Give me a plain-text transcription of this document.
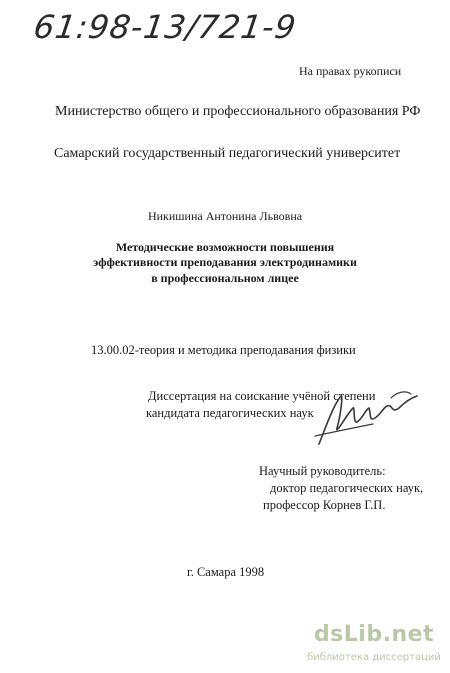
61:98-13/721-9
На правах рукописи
Министерство общего и профессионального образования РФ
Самарский государственный педагогический университет
Никишина Антонина Львовна
Методические возможности повышения
эффективности преподавания электродинамики
в профессиональном лицее
13.00.02-теория и методика преподавания физики
Диссертация на соискание учёной степени
кандидата педагогических наук
Научный руководитель:
доктор педагогических наук,
профессор Корнев Г.П.
г. Самара 1998
dsLib.net
библиотека диссертаций
